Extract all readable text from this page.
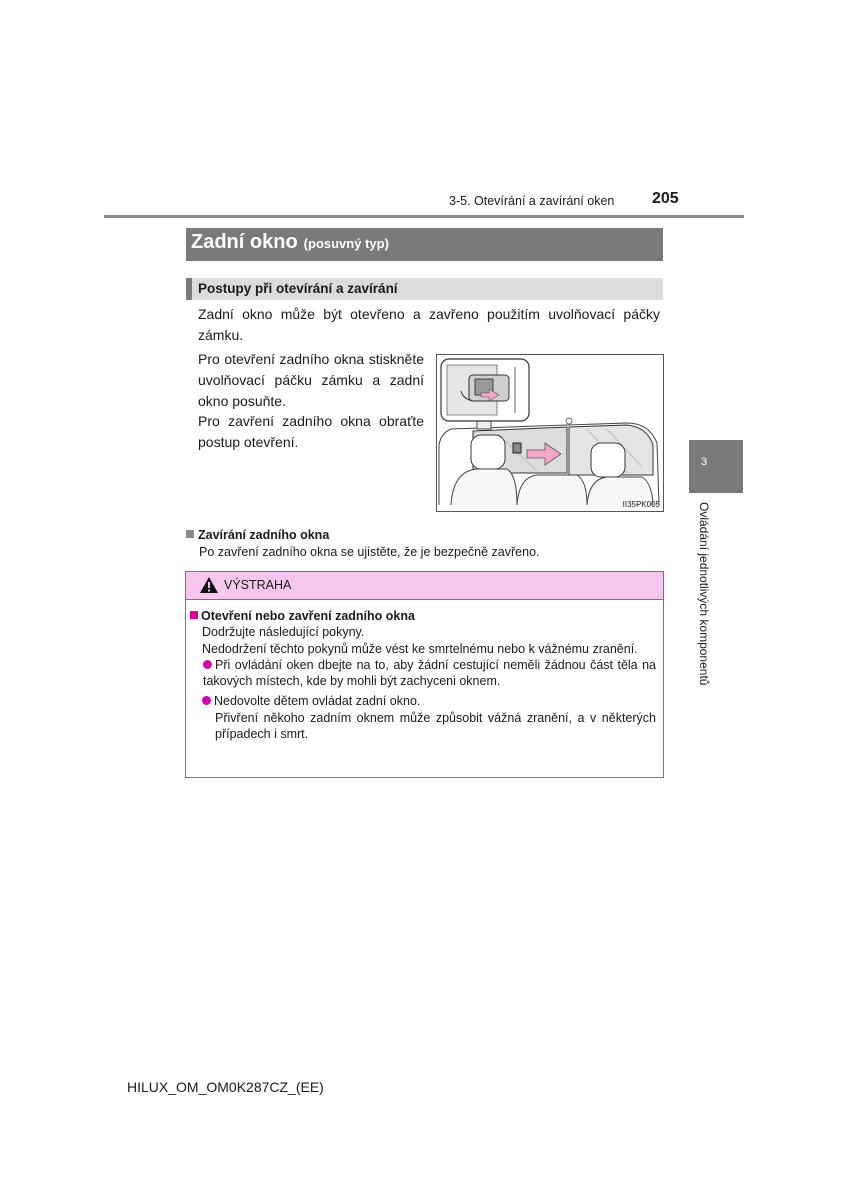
3-5. Otevírání a zavírání oken 205
Zadní okno (posuvný typ)
Postupy při otevírání a zavírání
Zadní okno může být otevřeno a zavřeno použitím uvolňovací páčky zámku.
Pro otevření zadního okna stiskněte uvolňovací páčku zámku a zadní okno posuňte.
Pro zavření zadního okna obraťte postup otevření.
II35PK005
Zavírání zadního okna
Po zavření zadního okna se ujistěte, že je bezpečně zavřeno.
VÝSTRAHA
Otevření nebo zavření zadního okna
Dodržujte následující pokyny.
Nedodržení těchto pokynů může vést ke smrtelnému nebo k vážnému zranění.
Při ovládání oken dbejte na to, aby žádní cestující neměli žádnou část těla na takových místech, kde by mohli být zachyceni oknem.
Nedovolte dětem ovládat zadní okno.
Přivření někoho zadním oknem může způsobit vážná zranění, a v některých případech i smrt.
3
Ovládání jednotlivých komponentů
HILUX_OM_OM0K287CZ_(EE)
